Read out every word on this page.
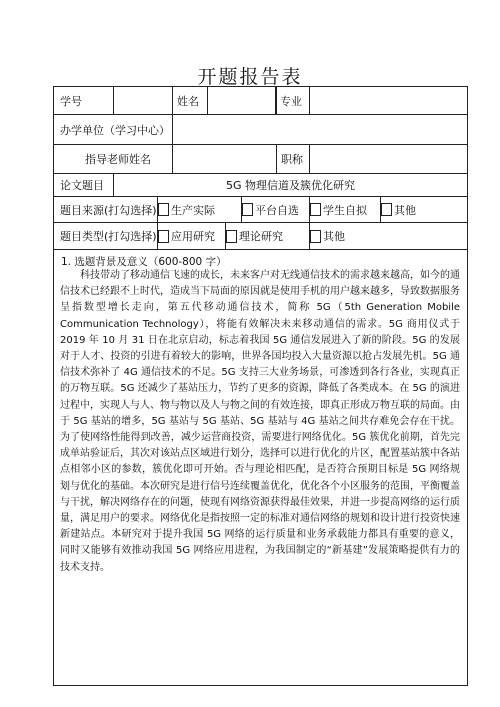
开题报告表
学号	姓名	专业
办学单位（学习中心）
指导老师姓名	职称
论文题目	5G 物理信道及簇优化研究
题目来源(打勾选择) 生产实际	平台自选 学生自拟 其他
题目类型(打勾选择) 应用研究 理论研究	其他
1. 选题背景及意义（600-800 字）

科技带动了移动通信飞速的成长，未来客户对无线通信技术的需求越来越高，如今的通信技术已经跟不上时代，造成当下局面的原因就是使用手机的用户越来越多，导致数据服务呈指数型增长走向，第五代移动通信技术，简称 5G（5th Generation Mobile Communication Technology），将能有效解决未来移动通信的需求。5G 商用仪式于 2019 年 10 月 31 日在北京启动，标志着我国 5G 通信发展进入了新的阶段。5G 的发展对于人才、投资的引进有着较大的影响，世界各国均投入大量资源以抢占发展先机。5G 通信技术弥补了 4G 通信技术的不足。5G 支持三大业务场景，可渗透到各行各业，实现真正的万物互联。5G 还减少了基站压力，节约了更多的资源，降低了各类成本。在 5G 的演进过程中，实现人与人、物与物以及人与物之间的有效连接，即真正形成万物互联的局面。由于 5G 基站的增多，5G 基站与 5G 基站、5G 基站与 4G 基站之间共存难免会存在干扰。为了使网络性能得到改善，减少运营商投资，需要进行网络优化。5G 簇优化前期，首先完成单站验证后，其次对该站点区域进行划分，选择可以进行优化的片区，配置基站簇中各站点相邻小区的参数，簇优化即可开始。否与理论相匹配，是否符合预期目标是 5G 网络规划与优化的基础。本次研究是进行信号连续覆盖优化，优化各个小区服务的范围，平衡覆盖与干扰，解决网络存在的问题，使现有网络资源获得最佳效果，并进一步提高网络的运行质量，满足用户的要求。网络优化是指按照一定的标准对通信网络的规划和设计进行投资快速新建站点。本研究对于提升我国 5G 网络的运行质量和业务承载能力都具有重要的意义，同时又能够有效推动我国 5G 网络应用进程，为我国制定的“新基建”发展策略提供有力的技术支持。
